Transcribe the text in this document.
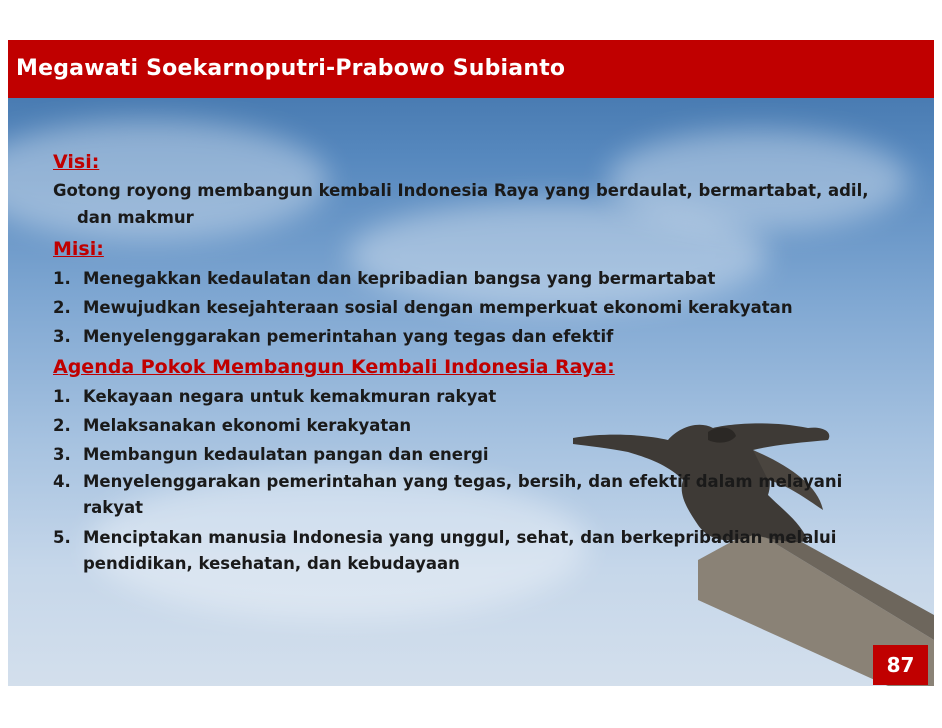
Megawati Soekarnoputri-Prabowo Subianto
Visi:
Gotong royong membangun kembali Indonesia Raya yang berdaulat, bermartabat, adil, dan makmur
Misi:
1. Menegakkan kedaulatan dan kepribadian bangsa yang bermartabat
2. Mewujudkan kesejahteraan sosial dengan memperkuat ekonomi kerakyatan
3. Menyelenggarakan pemerintahan yang tegas dan efektif
Agenda Pokok Membangun Kembali Indonesia Raya:
1. Kekayaan negara untuk kemakmuran rakyat
2. Melaksanakan ekonomi kerakyatan
3. Membangun kedaulatan pangan dan energi
4. Menyelenggarakan pemerintahan yang tegas, bersih, dan efektif dalam melayani rakyat
5. Menciptakan manusia Indonesia yang unggul, sehat, dan berkepribadian melalui pendidikan, kesehatan, dan kebudayaan
87
